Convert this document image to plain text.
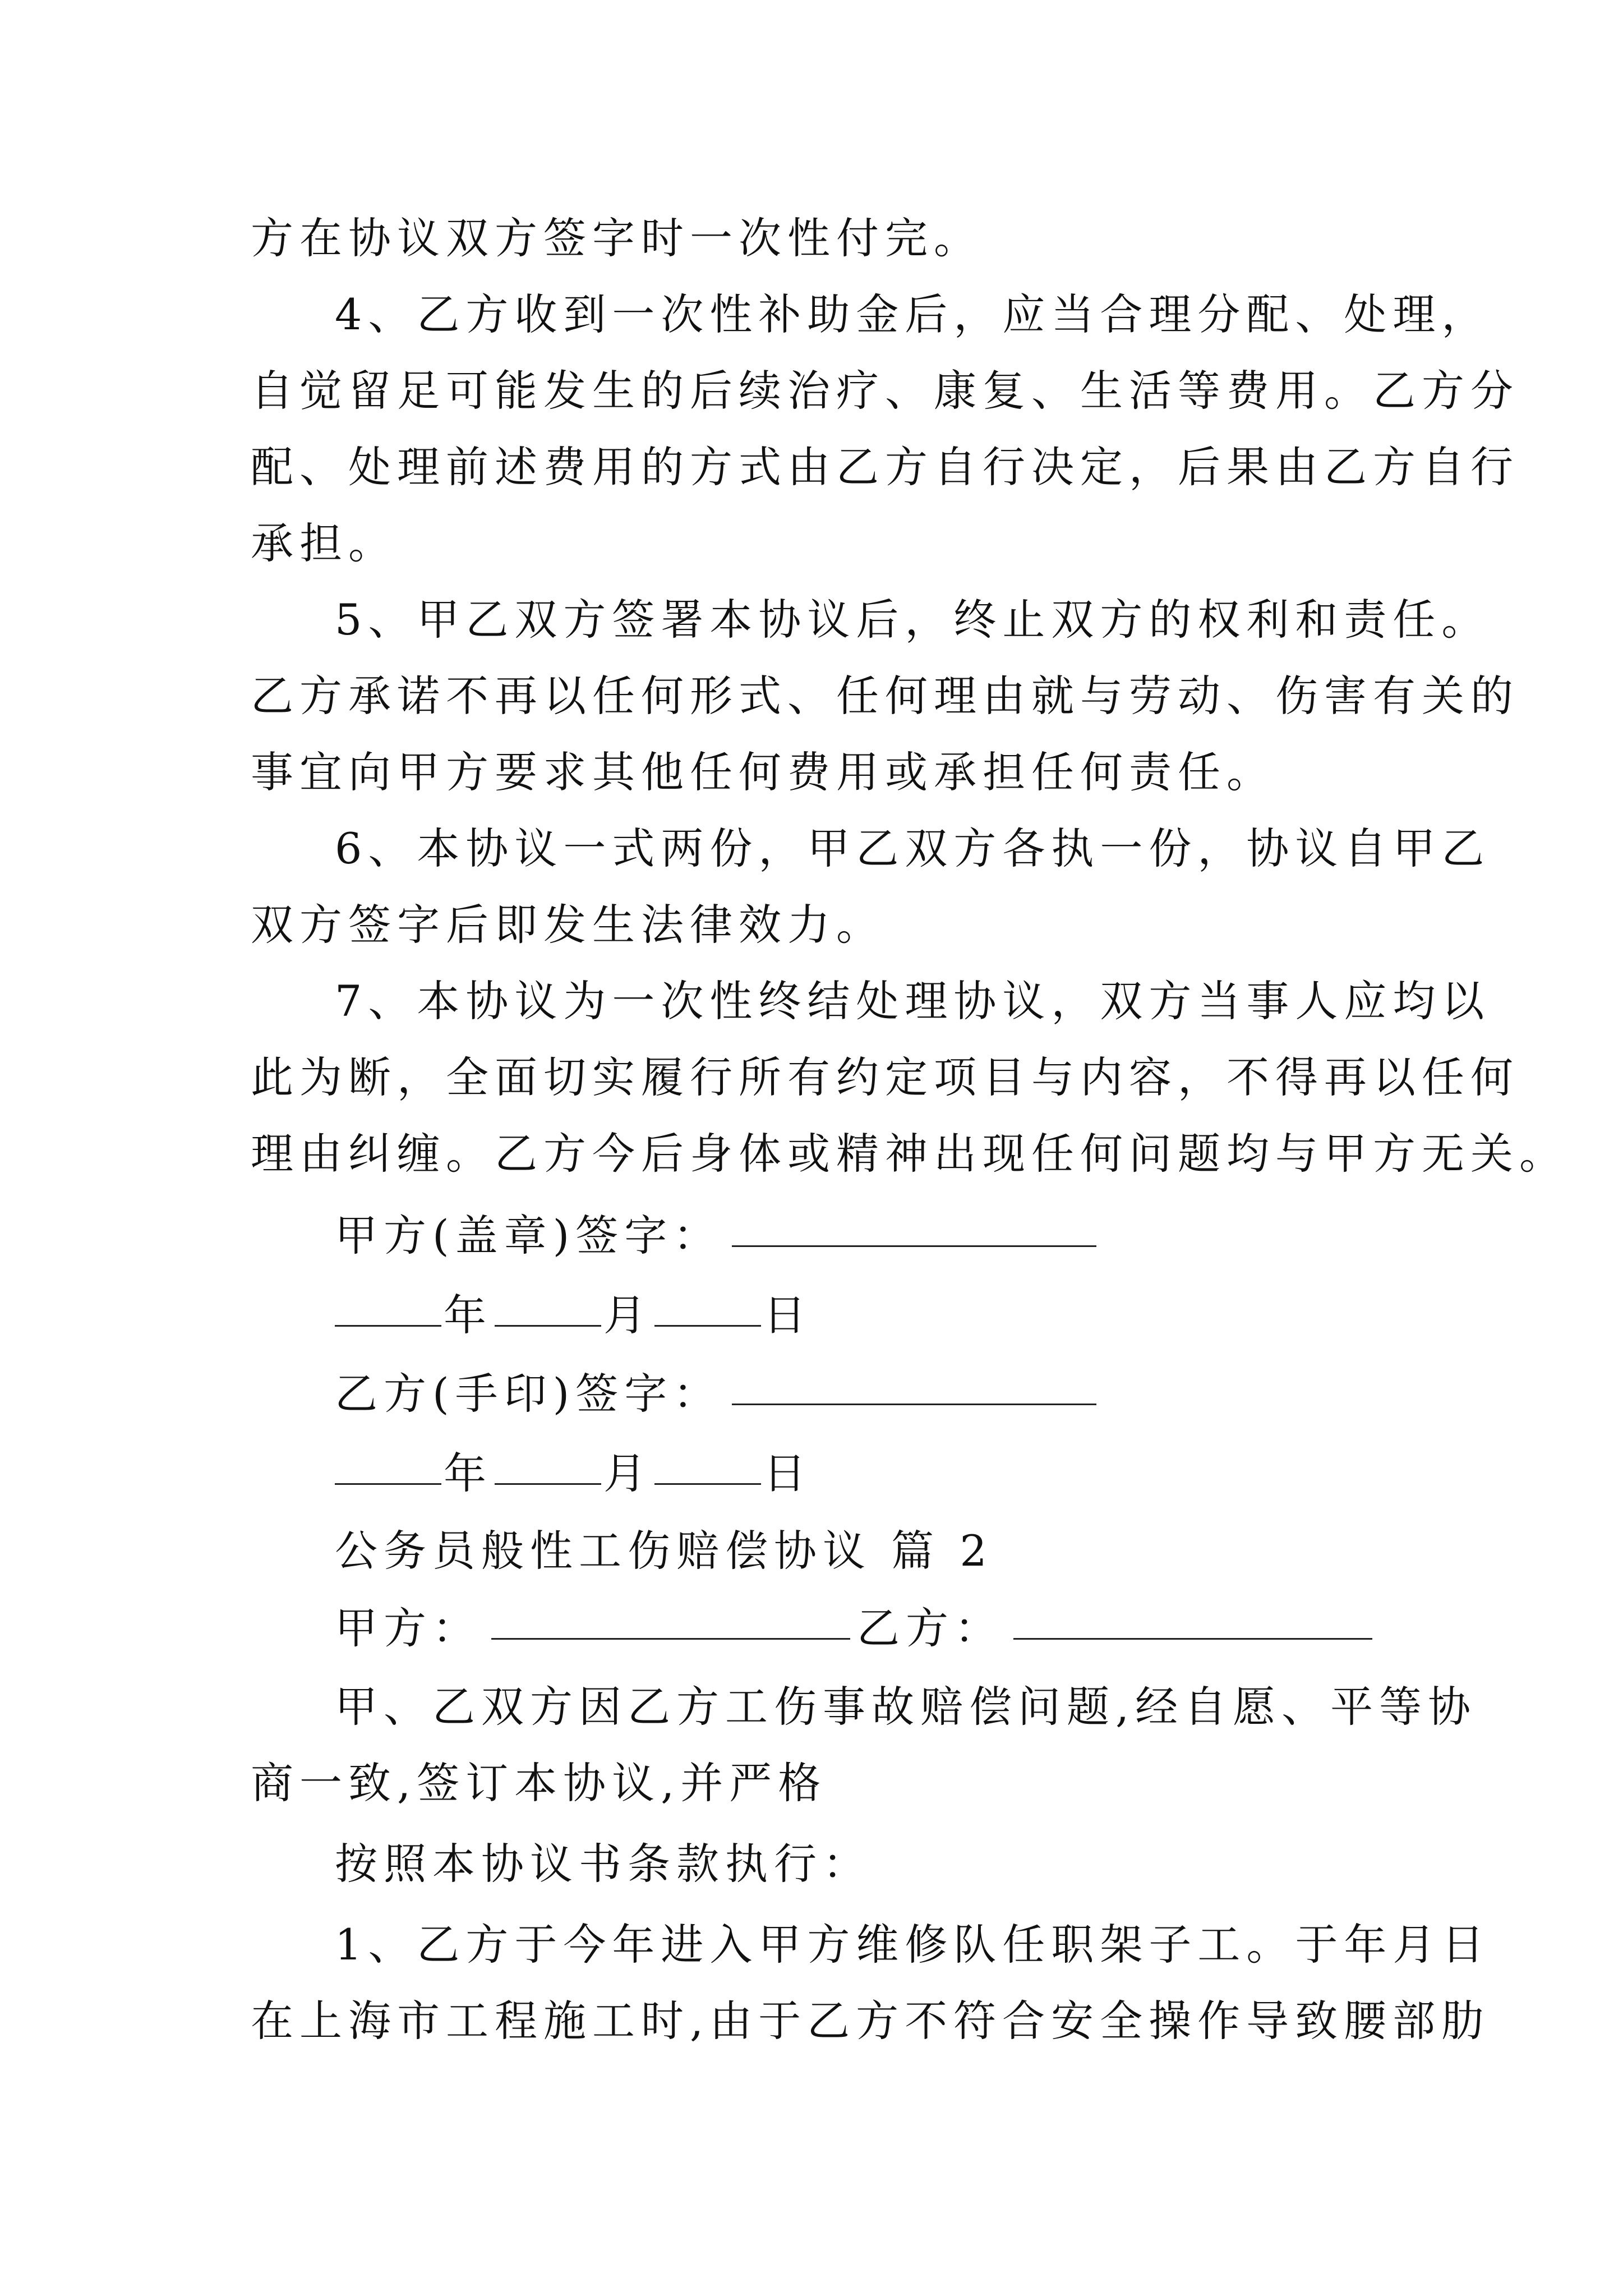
方在协议双方签字时一次性付完。
4、乙方收到一次性补助金后，应当合理分配、处理，
自觉留足可能发生的后续治疗、康复、生活等费用。乙方分
配、处理前述费用的方式由乙方自行决定，后果由乙方自行
承担。
5、甲乙双方签署本协议后，终止双方的权利和责任。
乙方承诺不再以任何形式、任何理由就与劳动、伤害有关的
事宜向甲方要求其他任何费用或承担任何责任。
6、本协议一式两份，甲乙双方各执一份，协议自甲乙
双方签字后即发生法律效力。
7、本协议为一次性终结处理协议，双方当事人应均以
此为断，全面切实履行所有约定项目与内容，不得再以任何
理由纠缠。乙方今后身体或精神出现任何问题均与甲方无关。
甲方(盖章)签字：
年	月	日
乙方(手印)签字：
年	月	日
公务员般性工伤赔偿协议 篇 2
甲方：	乙方：
甲、乙双方因乙方工伤事故赔偿问题,经自愿、平等协
商一致,签订本协议,并严格
按照本协议书条款执行：
1、乙方于今年进入甲方维修队任职架子工。于年月日
在上海市工程施工时,由于乙方不符合安全操作导致腰部肋
